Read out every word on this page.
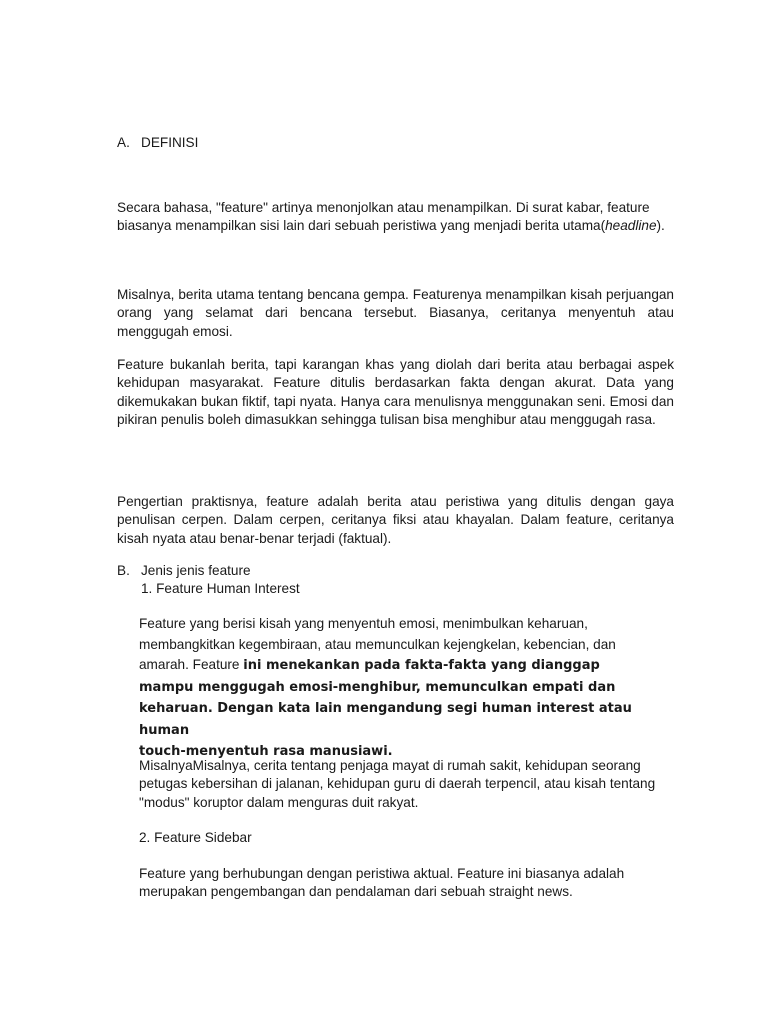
A. DEFINISI

Secara bahasa, "feature" artinya menonjolkan atau menampilkan. Di surat kabar, feature biasanya menampilkan sisi lain dari sebuah peristiwa yang menjadi berita utama(headline).

Misalnya, berita utama tentang bencana gempa. Featurenya menampilkan kisah perjuangan orang yang selamat dari bencana tersebut. Biasanya, ceritanya menyentuh atau menggugah emosi.

Feature bukanlah berita, tapi karangan khas yang diolah dari berita atau berbagai aspek kehidupan masyarakat. Feature ditulis berdasarkan fakta dengan akurat. Data yang dikemukakan bukan fiktif, tapi nyata. Hanya cara menulisnya menggunakan seni. Emosi dan pikiran penulis boleh dimasukkan sehingga tulisan bisa menghibur atau menggugah rasa.

Pengertian praktisnya, feature adalah berita atau peristiwa yang ditulis dengan gaya penulisan cerpen. Dalam cerpen, ceritanya fiksi atau khayalan. Dalam feature, ceritanya kisah nyata atau benar-benar terjadi (faktual).

B. Jenis jenis feature

1. Feature Human Interest

Feature yang berisi kisah yang menyentuh emosi, menimbulkan keharuan, membangkitkan kegembiraan, atau memunculkan kejengkelan, kebencian, dan amarah. Feature ini menekankan pada fakta-fakta yang dianggap
mampu menggugah emosi-menghibur, memunculkan empati dan
keharuan. Dengan kata lain mengandung segi human interest atau human
touch-menyentuh rasa manusiawi.

MisalnyaMisalnya, cerita tentang penjaga mayat di rumah sakit, kehidupan seorang petugas kebersihan di jalanan, kehidupan guru di daerah terpencil, atau kisah tentang "modus" koruptor dalam menguras duit rakyat.

2. Feature Sidebar

Feature yang berhubungan dengan peristiwa aktual. Feature ini biasanya adalah merupakan pengembangan dan pendalaman dari sebuah straight news.
